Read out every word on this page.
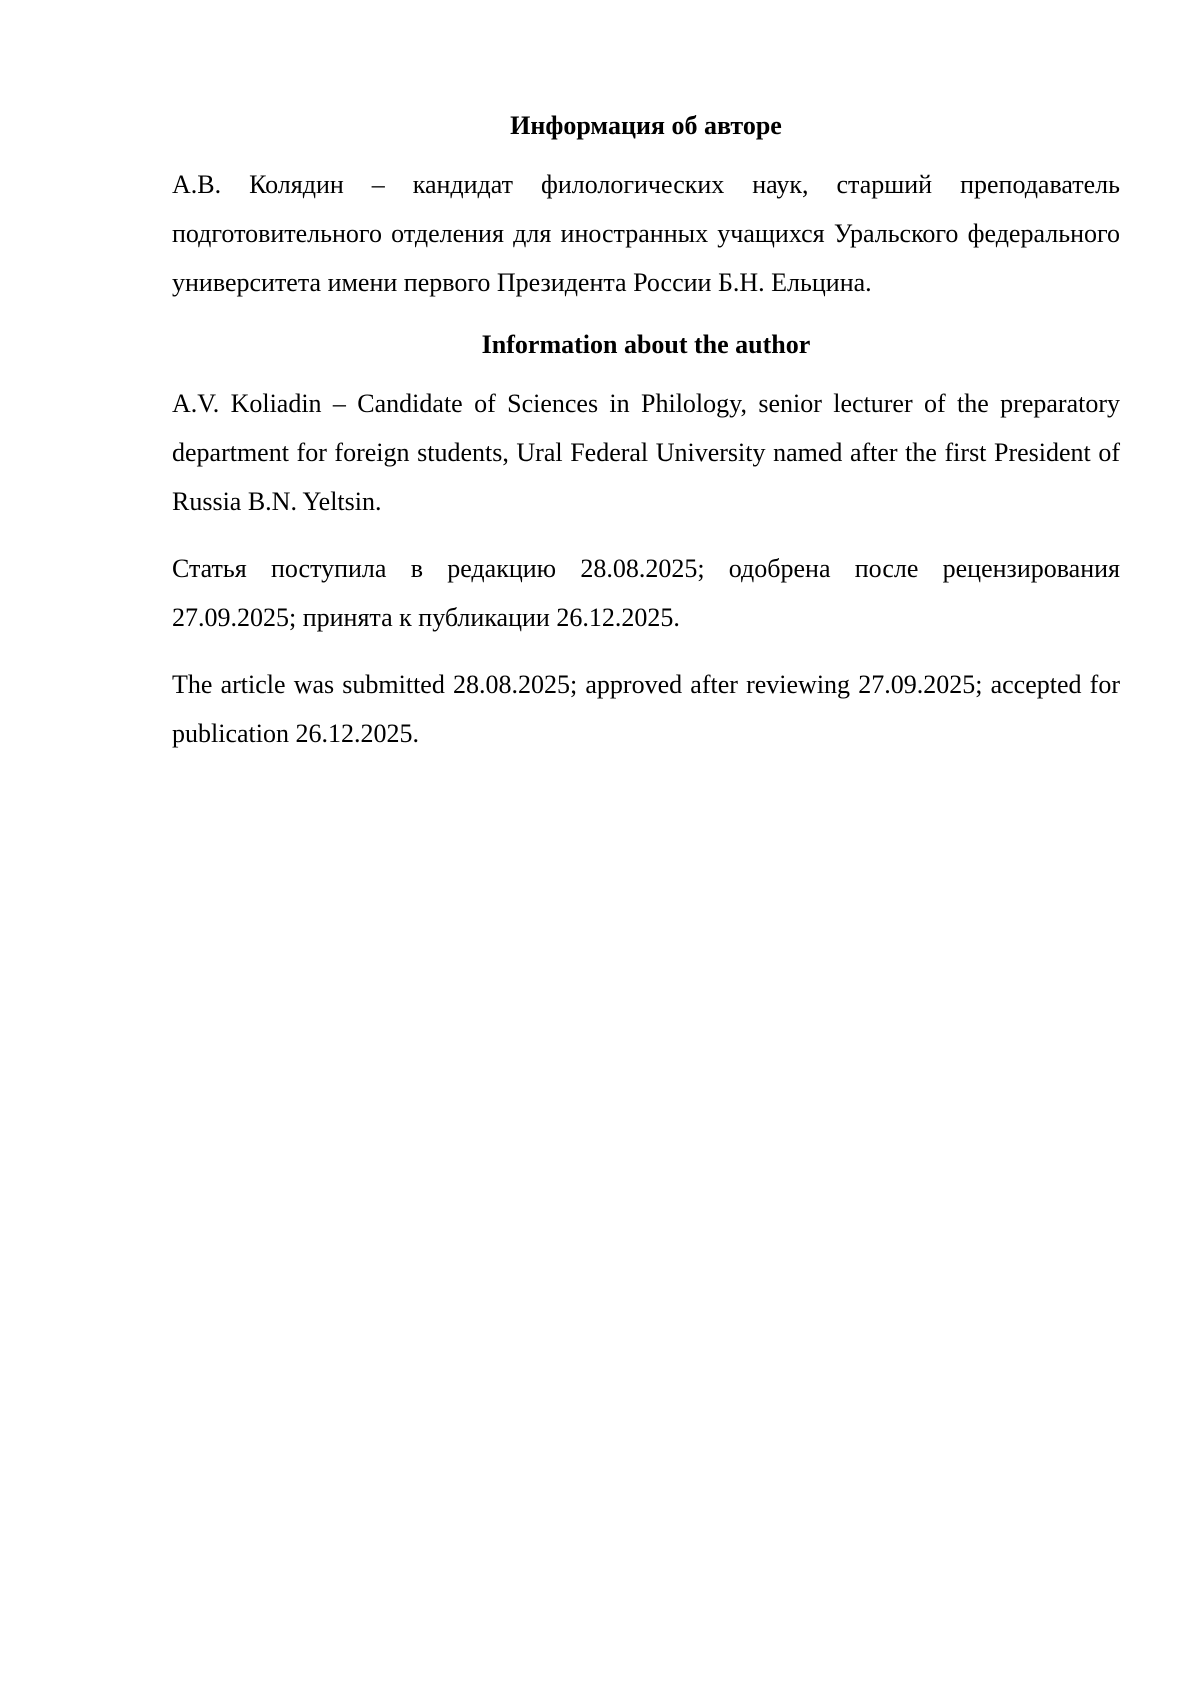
Информация об авторе

А.В. Колядин – кандидат филологических наук, старший преподаватель подготовительного отделения для иностранных учащихся Уральского федерального университета имени первого Президента России Б.Н. Ельцина.

Information about the author

A.V. Koliadin – Candidate of Sciences in Philology, senior lecturer of the preparatory department for foreign students, Ural Federal University named after the first President of Russia B.N. Yeltsin.

Статья поступила в редакцию 28.08.2025; одобрена после рецензирования 27.09.2025; принята к публикации 26.12.2025.

The article was submitted 28.08.2025; approved after reviewing 27.09.2025; accepted for publication 26.12.2025.
